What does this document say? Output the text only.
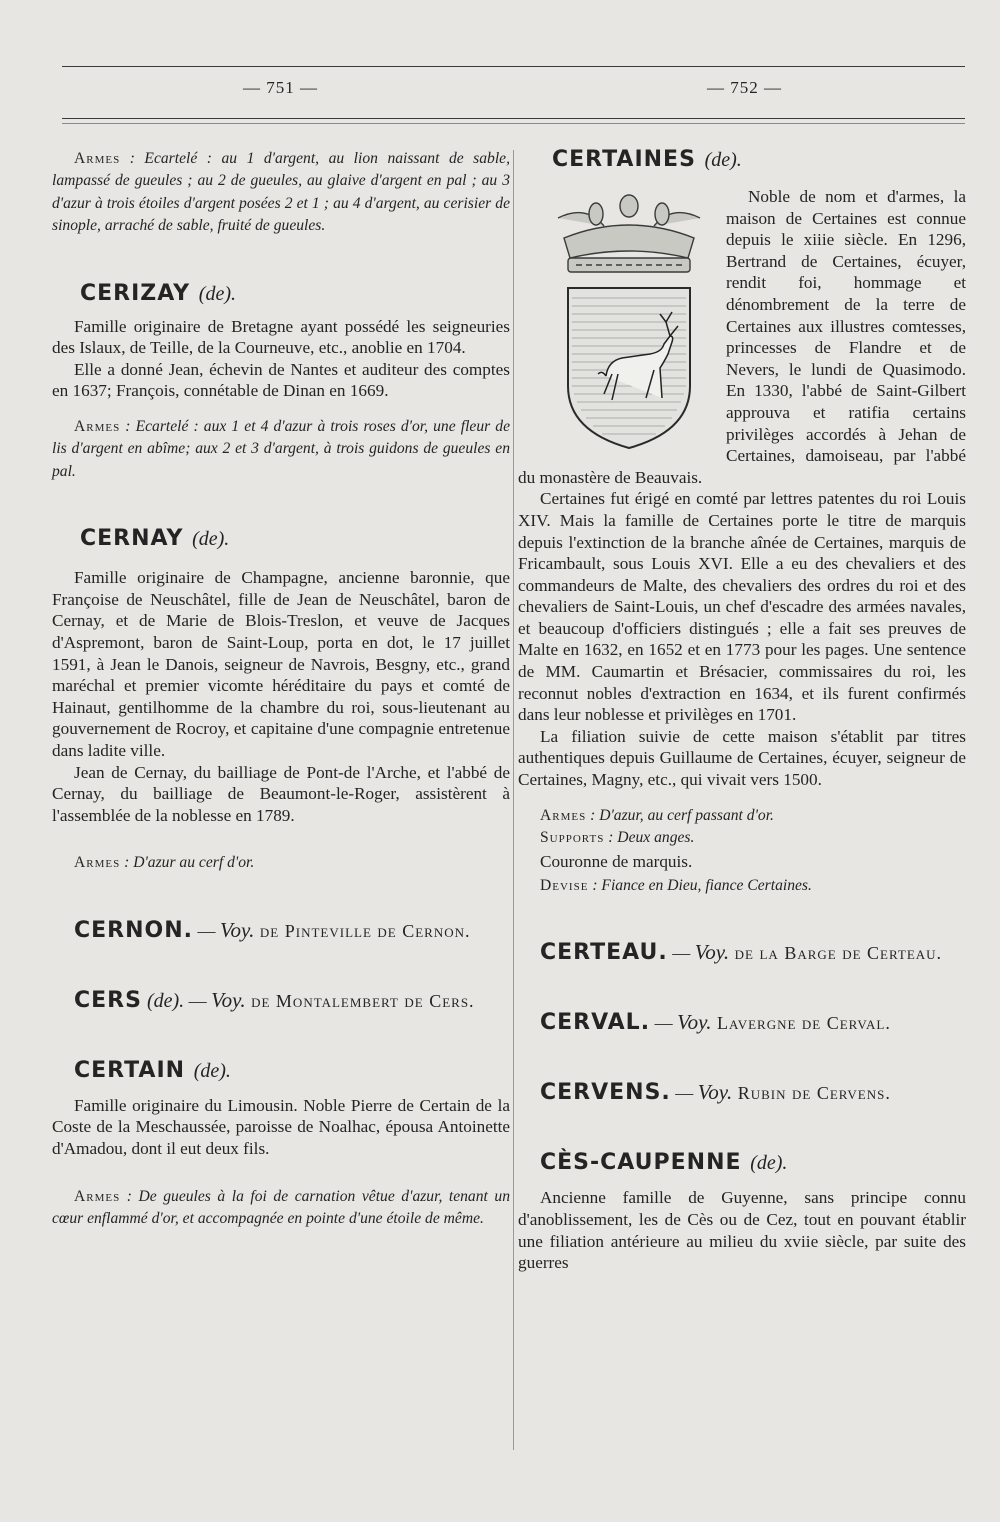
— 751 —	— 752 —

Armes : Ecartelé : au 1 d'argent, au lion naissant de sable, lampassé de gueules ; au 2 de gueules, au glaive d'argent en pal ; au 3 d'azur à trois étoiles d'argent posées 2 et 1 ; au 4 d'argent, au cerisier de sinople, arraché de sable, fruité de gueules.

CERIZAY (de).

Famille originaire de Bretagne ayant possédé les seigneuries des Islaux, de Teille, de la Courneuve, etc., anoblie en 1704.

Elle a donné Jean, échevin de Nantes et auditeur des comptes en 1637; François, connétable de Dinan en 1669.

Armes : Ecartelé : aux 1 et 4 d'azur à trois roses d'or, une fleur de lis d'argent en abîme; aux 2 et 3 d'argent, à trois guidons de gueules en pal.

CERNAY (de).

Famille originaire de Champagne, ancienne baronnie, que Françoise de Neuschâtel, fille de Jean de Neuschâtel, baron de Cernay, et de Marie de Blois-Treslon, et veuve de Jacques d'Aspremont, baron de Saint-Loup, porta en dot, le 17 juillet 1591, à Jean le Danois, seigneur de Navrois, Besgny, etc., grand maréchal et premier vicomte héréditaire du pays et comté de Hainaut, gentilhomme de la chambre du roi, sous-lieutenant au gouvernement de Rocroy, et capitaine d'une compagnie entretenue dans ladite ville.

Jean de Cernay, du bailliage de Pont-de l'Arche, et l'abbé de Cernay, du bailliage de Beaumont-le-Roger, assistèrent à l'assemblée de la noblesse en 1789.

Armes : D'azur au cerf d'or.

CERNON. — Voy. de Pinteville de Cernon.

CERS (de). — Voy. de Montalembert de Cers.

CERTAIN (de).

Famille originaire du Limousin. Noble Pierre de Certain de la Coste de la Meschaussée, paroisse de Noalhac, épousa Antoinette d'Amadou, dont il eut deux fils.

Armes : De gueules à la foi de carnation vêtue d'azur, tenant un cœur enflammé d'or, et accompagnée en pointe d'une étoile de même.

CERTAINES (de).

Noble de nom et d'armes, la maison de Certaines est connue depuis le xiiie siècle. En 1296, Bertrand de Certaines, écuyer, rendit foi, hommage et dénombrement de la terre de Certaines aux illustres comtesses, princesses de Flandre et de Nevers, le lundi de Quasimodo. En 1330, l'abbé de Saint-Gilbert approuva et ratifia certains privilèges accordés à Jehan de Certaines, damoiseau, par l'abbé du monastère de Beauvais.

Certaines fut érigé en comté par lettres patentes du roi Louis XIV. Mais la famille de Certaines porte le titre de marquis depuis l'extinction de la branche aînée de Certaines, marquis de Fricambault, sous Louis XVI. Elle a eu des chevaliers et des commandeurs de Malte, des chevaliers des ordres du roi et des chevaliers de Saint-Louis, un chef d'escadre des armées navales, et beaucoup d'officiers distingués ; elle a fait ses preuves de Malte en 1632, en 1652 et en 1773 pour les pages. Une sentence de MM. Caumartin et Brésacier, commissaires du roi, les reconnut nobles d'extraction en 1634, et ils furent confirmés dans leur noblesse et privilèges en 1701.

La filiation suivie de cette maison s'établit par titres authentiques depuis Guillaume de Certaines, écuyer, seigneur de Certaines, Magny, etc., qui vivait vers 1500.

Armes : D'azur, au cerf passant d'or.

Supports : Deux anges.

Couronne de marquis.

Devise : Fiance en Dieu, fiance Certaines.

CERTEAU. — Voy. de la Barge de Certeau.

CERVAL. — Voy. Lavergne de Cerval.

CERVENS. — Voy. Rubin de Cervens.

CÈS-CAUPENNE (de).

Ancienne famille de Guyenne, sans principe connu d'anoblissement, les de Cès ou de Cez, tout en pouvant établir une filiation antérieure au milieu du xviie siècle, par suite des guerres
